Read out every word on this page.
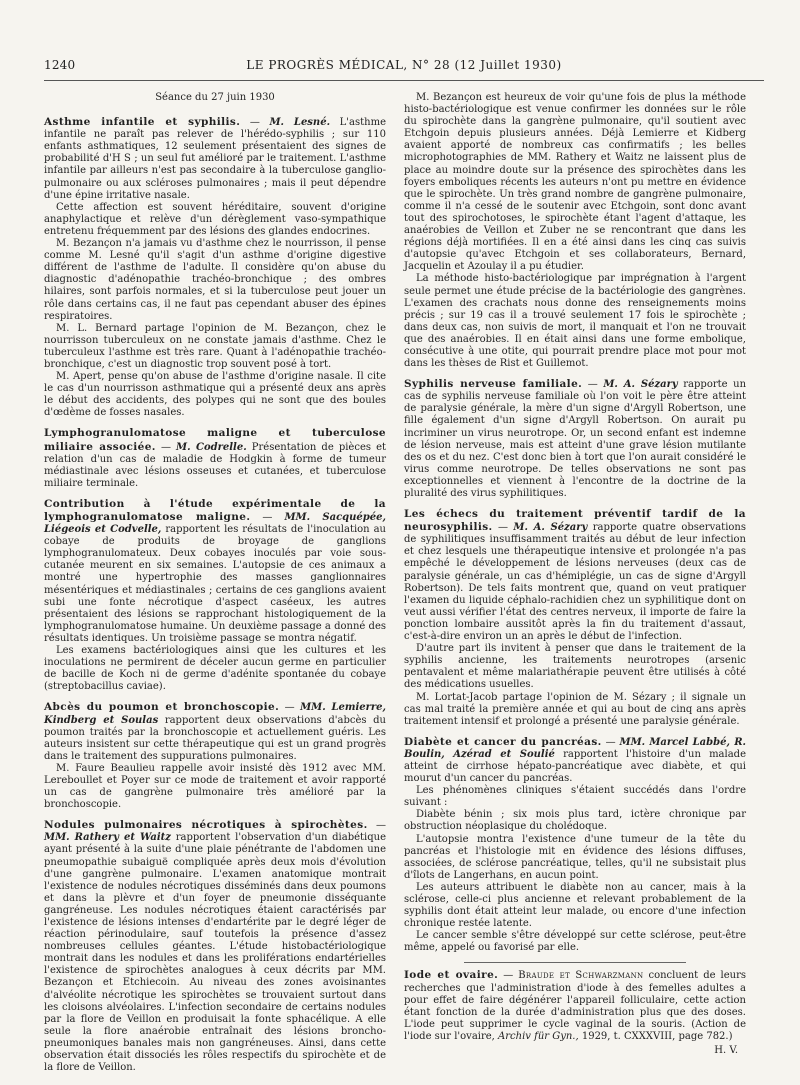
1240	LE PROGRÈS MÉDICAL, N° 28 (12 Juillet 1930)
Séance du 27 juin 1930

Asthme infantile et syphilis. — M. Lesné. L'asthme infantile ne paraît pas relever de l'hérédo-syphilis ; sur 110 enfants asthmatiques, 12 seulement présentaient des signes de probabilité d'H S ; un seul fut amélioré par le traitement. L'asthme infantile par ailleurs n'est pas secondaire à la tuberculose ganglio-pulmonaire ou aux scléroses pulmonaires ; mais il peut dépendre d'une épine irritative nasale.

Cette affection est souvent héréditaire, souvent d'origine anaphylactique et relève d'un dérèglement vaso-sympathique entretenu fréquemment par des lésions des glandes endocrines.

M. Bezançon n'a jamais vu d'asthme chez le nourrisson, il pense comme M. Lesné qu'il s'agit d'un asthme d'origine digestive différent de l'asthme de l'adulte. Il considère qu'on abuse du diagnostic d'adénopathie trachéo-bronchique ; des ombres hilaires, sont parfois normales, et si la tuberculose peut jouer un rôle dans certains cas, il ne faut pas cependant abuser des épines respiratoires.

M. L. Bernard partage l'opinion de M. Bezançon, chez le nourrisson tuberculeux on ne constate jamais d'asthme. Chez le tuberculeux l'asthme est très rare. Quant à l'adénopathie trachéo-bronchique, c'est un diagnostic trop souvent posé à tort.

M. Apert, pense qu'on abuse de l'asthme d'origine nasale. Il cite le cas d'un nourrisson asthmatique qui a présenté deux ans après le début des accidents, des polypes qui ne sont que des boules d'œdème de fosses nasales.

Lymphogranulomatose maligne et tuberculose miliaire associée. — M. Codrelle. Présentation de pièces et relation d'un cas de maladie de Hodgkin à forme de tumeur médiastinale avec lésions osseuses et cutanées, et tuberculose miliaire terminale.

Contribution à l'étude expérimentale de la lymphogranulomatose maligne. — MM. Sacquépée, Liégeois et Codvelle, rapportent les résultats de l'inoculation au cobaye de produits de broyage de ganglions lymphogranulomateux. Deux cobayes inoculés par voie sous-cutanée meurent en six semaines. L'autopsie de ces animaux a montré une hypertrophie des masses ganglionnaires mésentériques et médiastinales ; certains de ces ganglions avaient subi une fonte nécrotique d'aspect caséeux, les autres présentaient des lésions se rapprochant histologiquement de la lymphogranulomatose humaine. Un deuxième passage a donné des résultats identiques. Un troisième passage se montra négatif.

Les examens bactériologiques ainsi que les cultures et les inoculations ne permirent de déceler aucun germe en particulier de bacille de Koch ni de germe d'adénite spontanée du cobaye (streptobacillus caviae).

Abcès du poumon et bronchoscopie. — MM. Lemierre, Kindberg et Soulas rapportent deux observations d'abcès du poumon traités par la bronchoscopie et actuellement guéris. Les auteurs insistent sur cette thérapeutique qui est un grand progrès dans le traitement des suppurations pulmonaires.

M. Faure Beaulieu rappelle avoir insisté dès 1912 avec MM. Lereboullet et Poyer sur ce mode de traitement et avoir rapporté un cas de gangrène pulmonaire très amélioré par la bronchoscopie.

Nodules pulmonaires nécrotiques à spirochètes. — MM. Rathery et Waitz rapportent l'observation d'un diabétique ayant présenté à la suite d'une plaie pénétrante de l'abdomen une pneumopathie subaiguë compliquée après deux mois d'évolution d'une gangrène pulmonaire. L'examen anatomique montrait l'existence de nodules nécrotiques disséminés dans deux poumons et dans la plèvre et d'un foyer de pneumonie disséquante gangréneuse. Les nodules nécrotiques étaient caractérisés par l'existence de lésions intenses d'endartérite par le degré léger de réaction périnodulaire, sauf toutefois la présence d'assez nombreuses cellules géantes. L'étude histobactériologique montrait dans les nodules et dans les proliférations endartérielles l'existence de spirochètes analogues à ceux décrits par MM. Bezançon et Etchiecoin. Au niveau des zones avoisinantes d'alvéolite nécrotique les spirochètes se trouvaient surtout dans les cloisons alvéolaires. L'infection secondaire de certains nodules par la flore de Veillon en produisait la fonte sphacélique. A elle seule la flore anaérobie entraînait des lésions broncho-pneumoniques banales mais non gangréneuses. Ainsi, dans cette observation était dissociés les rôles respectifs du spirochète et de la flore de Veillon.

M. Bezançon est heureux de voir qu'une fois de plus la méthode histo-bactériologique est venue confirmer les données sur le rôle du spirochète dans la gangrène pulmonaire, qu'il soutient avec Etchgoin depuis plusieurs années. Déjà Lemierre et Kidberg avaient apporté de nombreux cas confirmatifs ; les belles microphotographies de MM. Rathery et Waitz ne laissent plus de place au moindre doute sur la présence des spirochètes dans les foyers emboliques récents les auteurs n'ont pu mettre en évidence que le spirochète. Un très grand nombre de gangrène pulmonaire, comme il n'a cessé de le soutenir avec Etchgoin, sont donc avant tout des spirochotoses, le spirochète étant l'agent d'attaque, les anaérobies de Veillon et Zuber ne se rencontrant que dans les régions déjà mortifiées. Il en a été ainsi dans les cinq cas suivis d'autopsie qu'avec Etchgoin et ses collaborateurs, Bernard, Jacquelin et Azoulay il a pu étudier.

La méthode histo-bactériologique par imprégnation à l'argent seule permet une étude précise de la bactériologie des gangrènes. L'examen des crachats nous donne des renseignements moins précis ; sur 19 cas il a trouvé seulement 17 fois le spirochète ; dans deux cas, non suivis de mort, il manquait et l'on ne trouvait que des anaérobies. Il en était ainsi dans une forme embolique, consécutive à une otite, qui pourrait prendre place mot pour mot dans les thèses de Rist et Guillemot.

Syphilis nerveuse familiale. — M. A. Sézary rapporte un cas de syphilis nerveuse familiale où l'on voit le père être atteint de paralysie générale, la mère d'un signe d'Argyll Robertson, une fille également d'un signe d'Argyll Robertson. On aurait pu incriminer un virus neurotrope. Or, un second enfant est indemne de lésion nerveuse, mais est atteint d'une grave lésion mutilante des os et du nez. C'est donc bien à tort que l'on aurait considéré le virus comme neurotrope. De telles observations ne sont pas exceptionnelles et viennent à l'encontre de la doctrine de la pluralité des virus syphilitiques.

Les échecs du traitement préventif tardif de la neurosyphilis. — M. A. Sézary rapporte quatre observations de syphilitiques insuffisamment traités au début de leur infection et chez lesquels une thérapeutique intensive et prolongée n'a pas empêché le développement de lésions nerveuses (deux cas de paralysie générale, un cas d'hémiplégie, un cas de signe d'Argyll Robertson). De tels faits montrent que, quand on veut pratiquer l'examen du liquide céphalo-rachidien chez un syphilitique dont on veut aussi vérifier l'état des centres nerveux, il importe de faire la ponction lombaire aussitôt après la fin du traitement d'assaut, c'est-à-dire environ un an après le début de l'infection.

D'autre part ils invitent à penser que dans le traitement de la syphilis ancienne, les traitements neurotropes (arsenic pentavalent et même malariathérapie peuvent être utilisés à côté des médications usuelles.

M. Lortat-Jacob partage l'opinion de M. Sézary ; il signale un cas mal traité la première année et qui au bout de cinq ans après traitement intensif et prolongé a présenté une paralysie générale.

Diabète et cancer du pancréas. — MM. Marcel Labbé, R. Boulin, Azérad et Soulié rapportent l'histoire d'un malade atteint de cirrhose hépato-pancréatique avec diabète, et qui mourut d'un cancer du pancréas.

Les phénomènes cliniques s'étaient succédés dans l'ordre suivant :

Diabète bénin ; six mois plus tard, ictère chronique par obstruction néoplasique du cholédoque.

L'autopsie montra l'existence d'une tumeur de la tête du pancréas et l'histologie mit en évidence des lésions diffuses, associées, de sclérose pancréatique, telles, qu'il ne subsistait plus d'îlots de Langerhans, en aucun point.

Les auteurs attribuent le diabète non au cancer, mais à la sclérose, celle-ci plus ancienne et relevant probablement de la syphilis dont était atteint leur malade, ou encore d'une infection chronique restée latente.

Le cancer semble s'être développé sur cette sclérose, peut-être même, appelé ou favorisé par elle.

Iode et ovaire. — Braude et Schwarzmann concluent de leurs recherches que l'administration d'iode à des femelles adultes a pour effet de faire dégénérer l'appareil folliculaire, cette action étant fonction de la durée d'administration plus que des doses. L'iode peut supprimer le cycle vaginal de la souris. (Action de l'iode sur l'ovaire, Archiv für Gyn., 1929, t. CXXXVIII, page 782.)

H. V.
